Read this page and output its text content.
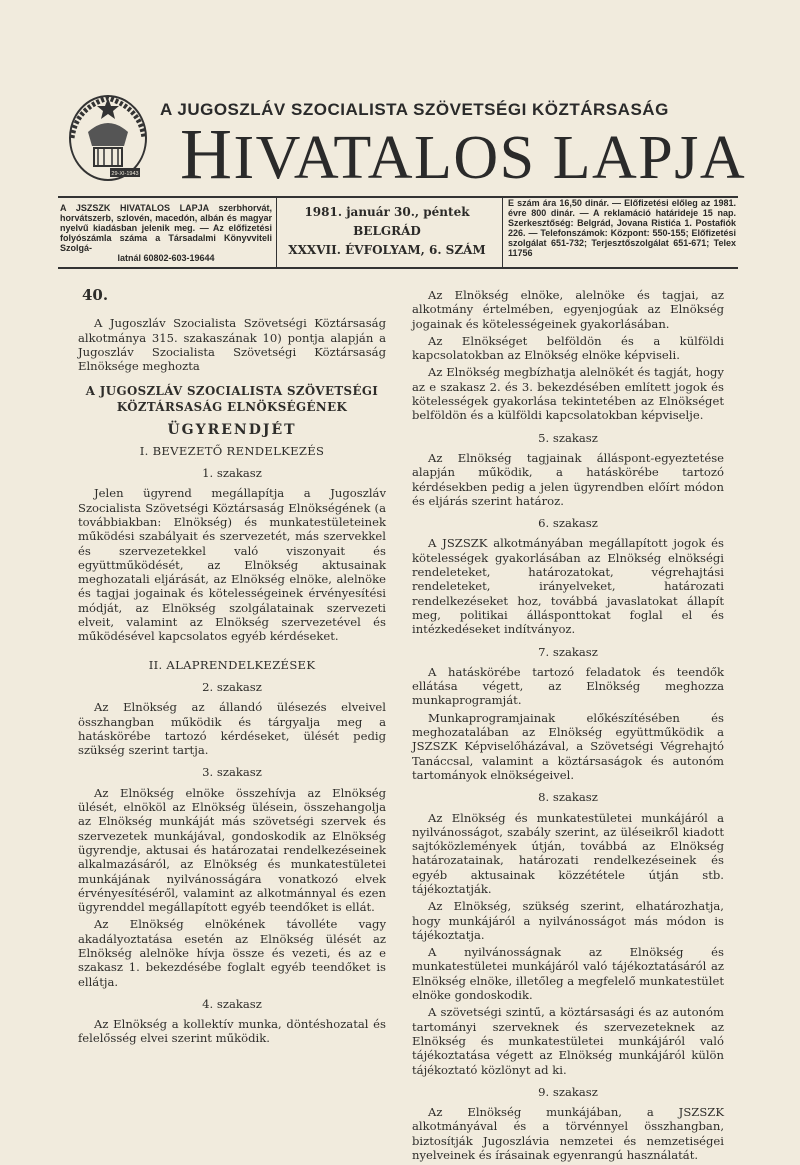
29-XI-1943
A JUGOSZLÁV SZOCIALISTA SZÖVETSÉGI KÖZTÁRSASÁG
HIVATALOS LAPJA
A JSZSZK HIVATALOS LAPJA szerbhorvát, horvátszerb, szlovén, macedón, albán és magyar nyelvű kiadásban jelenik meg. — Az előfizetési folyószámla száma a Társadalmi Könyvviteli Szolgá-
latnál 60802-603-19644
1981. január 30., péntek
BELGRÁD
XXXVII. ÉVFOLYAM, 6. SZÁM
E szám ára 16,50 dinár. — Előfizetési előleg az 1981. évre 800 dinár. — A reklamáció határideje 15 nap. Szerkesztőség: Belgrád, Jovana Ristića 1. Postafiók 226. — Telefonszámok: Központ: 550-155; Előfizetési szolgálat 651-732; Terjesztőszolgálat 651-671; Telex 11756
40.

A Jugoszláv Szocialista Szövetségi Köztársaság alkotmánya 315. szakaszának 10) pontja alapján a Jugoszláv Szocialista Szövetségi Köztársaság Elnöksége meghozta

A JUGOSZLÁV SZOCIALISTA SZÖVETSÉGI KÖZTÁRSASÁG ELNÖKSÉGÉNEK
ÜGYRENDJÉT
I. BEVEZETŐ RENDELKEZÉS
1. szakasz

Jelen ügyrend megállapítja a Jugoszláv Szocialista Szövetségi Köztársaság Elnökségének (a továbbiakban: Elnökség) és munkatestületeinek működési szabályait és szervezetét, más szervekkel és szervezetekkel való viszonyait és együttműködését, az Elnökség aktusainak meghozatali eljárását, az Elnökség elnöke, alelnöke és tagjai jogainak és kötelességeinek érvényesítési módját, az Elnökség szolgálatainak szervezeti elveit, valamint az Elnökség szervezetével és működésével kapcsolatos egyéb kérdéseket.

II. ALAPRENDELKEZÉSEK
2. szakasz

Az Elnökség az állandó ülésezés elveivel összhangban működik és tárgyalja meg a hatáskörébe tartozó kérdéseket, ülését pedig szükség szerint tartja.

3. szakasz

Az Elnökség elnöke összehívja az Elnökség ülését, elnököl az Elnökség ülésein, összehangolja az Elnökség munkáját más szövetségi szervek és szervezetek munkájával, gondoskodik az Elnökség ügyrendje, aktusai és határozatai rendelkezéseinek alkalmazásáról, az Elnökség és munkatestületei munkájának nyilvánosságára vonatkozó elvek érvényesítéséről, valamint az alkotmánnyal és ezen ügyrenddel megállapított egyéb teendőket is ellát.

Az Elnökség elnökének távolléte vagy akadályoztatása esetén az Elnökség ülését az Elnökség alelnöke hívja össze és vezeti, és az e szakasz 1. bekezdésébe foglalt egyéb teendőket is ellátja.

4. szakasz

Az Elnökség a kollektív munka, döntéshozatal és felelősség elvei szerint működik.

Az Elnökség elnöke, alelnöke és tagjai, az alkotmány értelmében, egyenjogúak az Elnökség jogainak és kötelességeinek gyakorlásában.

Az Elnökséget belföldön és a külföldi kapcsolatokban az Elnökség elnöke képviseli.

Az Elnökség megbízhatja alelnökét és tagját, hogy az e szakasz 2. és 3. bekezdésében említett jogok és kötelességek gyakorlása tekintetében az Elnökséget belföldön és a külföldi kapcsolatokban képviselje.

5. szakasz

Az Elnökség tagjainak álláspont-egyeztetése alapján működik, a hatáskörébe tartozó kérdésekben pedig a jelen ügyrendben előírt módon és eljárás szerint határoz.

6. szakasz

A JSZSZK alkotmányában megállapított jogok és kötelességek gyakorlásában az Elnökség elnökségi rendeleteket, határozatokat, végrehajtási rendeleteket, irányelveket, határozati rendelkezéseket hoz, továbbá javaslatokat állapít meg, politikai állásponttokat foglal el és intézkedéseket indítványoz.

7. szakasz

A hatáskörébe tartozó feladatok és teendők ellátása végett, az Elnökség meghozza munkaprogramját.

Munkaprogramjainak előkészítésében és meghozatalában az Elnökség együttműködik a JSZSZK Képviselőházával, a Szövetségi Végrehajtó Tanáccsal, valamint a köztársaságok és autonóm tartományok elnökségeivel.

8. szakasz

Az Elnökség és munkatestületei munkájáról a nyilvánosságot, szabály szerint, az üléseikről kiadott sajtóközlemények útján, továbbá az Elnökség határozatainak, határozati rendelkezéseinek és egyéb aktusainak közzététele útján stb. tájékoztatják.

Az Elnökség, szükség szerint, elhatározhatja, hogy munkájáról a nyilvánosságot más módon is tájékoztatja.

A nyilvánosságnak az Elnökség és munkatestületei munkájáról való tájékoztatásáról az Elnökség elnöke, illetőleg a megfelelő munkatestület elnöke gondoskodik.

A szövetségi szintű, a köztársasági és az autonóm tartományi szerveknek és szervezeteknek az Elnökség és munkatestületei munkájáról való tájékoztatása végett az Elnökség munkájáról külön tájékoztató közlönyt ad ki.

9. szakasz

Az Elnökség munkájában, a JSZSZK alkotmányával és a törvénnyel összhangban, biztosítják Jugoszlávia nemzetei és nemzetiségei nyelveinek és írásainak egyenrangú használatát.
